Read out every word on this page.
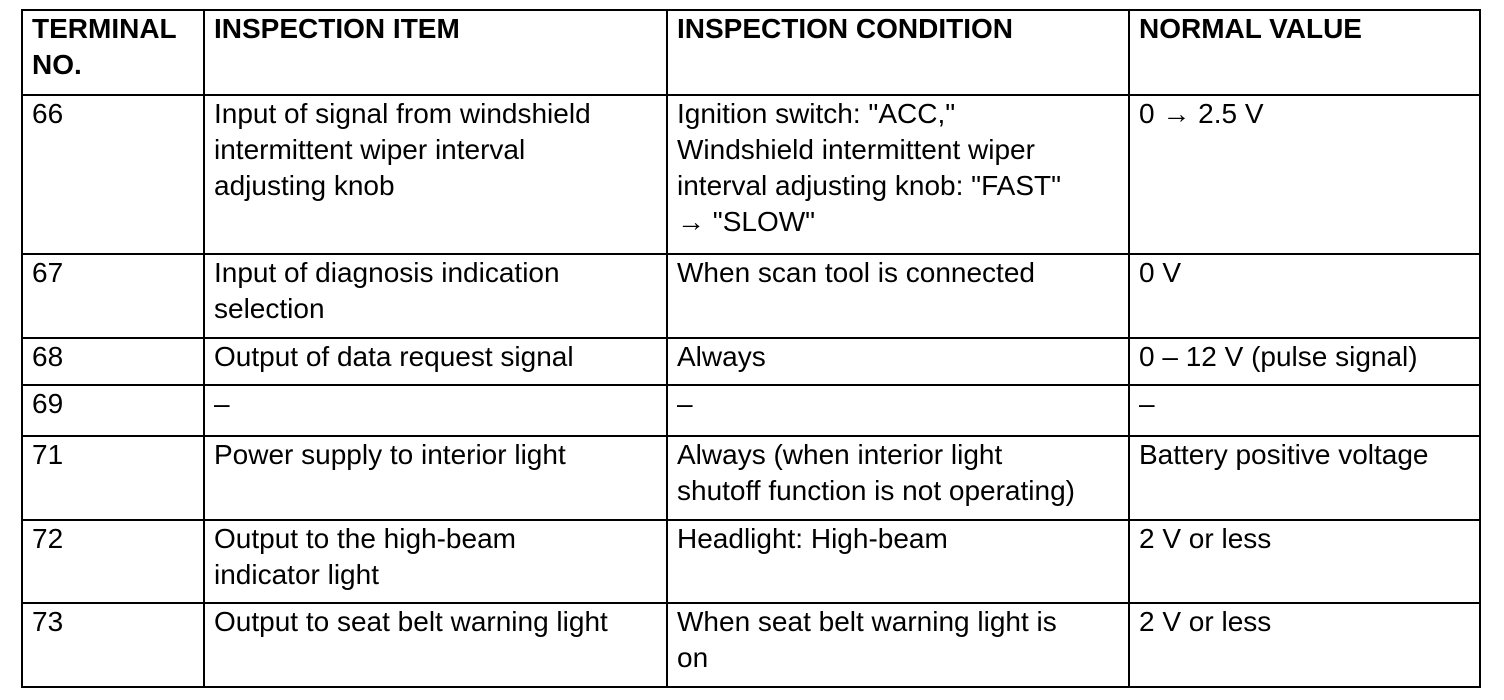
TERMINAL
NO.	INSPECTION ITEM	INSPECTION CONDITION	NORMAL VALUE
66	Input of signal from windshield
intermittent wiper interval
adjusting knob	Ignition switch: "ACC,"
Windshield intermittent wiper
interval adjusting knob: "FAST"
→ "SLOW"	0 → 2.5 V
67	Input of diagnosis indication
selection	When scan tool is connected	0 V
68	Output of data request signal	Always	0 – 12 V (pulse signal)
69	–	–	–
71	Power supply to interior light	Always (when interior light
shutoff function is not operating)	Battery positive voltage
72	Output to the high-beam
indicator light	Headlight: High-beam	2 V or less
73	Output to seat belt warning light	When seat belt warning light is
on	2 V or less
